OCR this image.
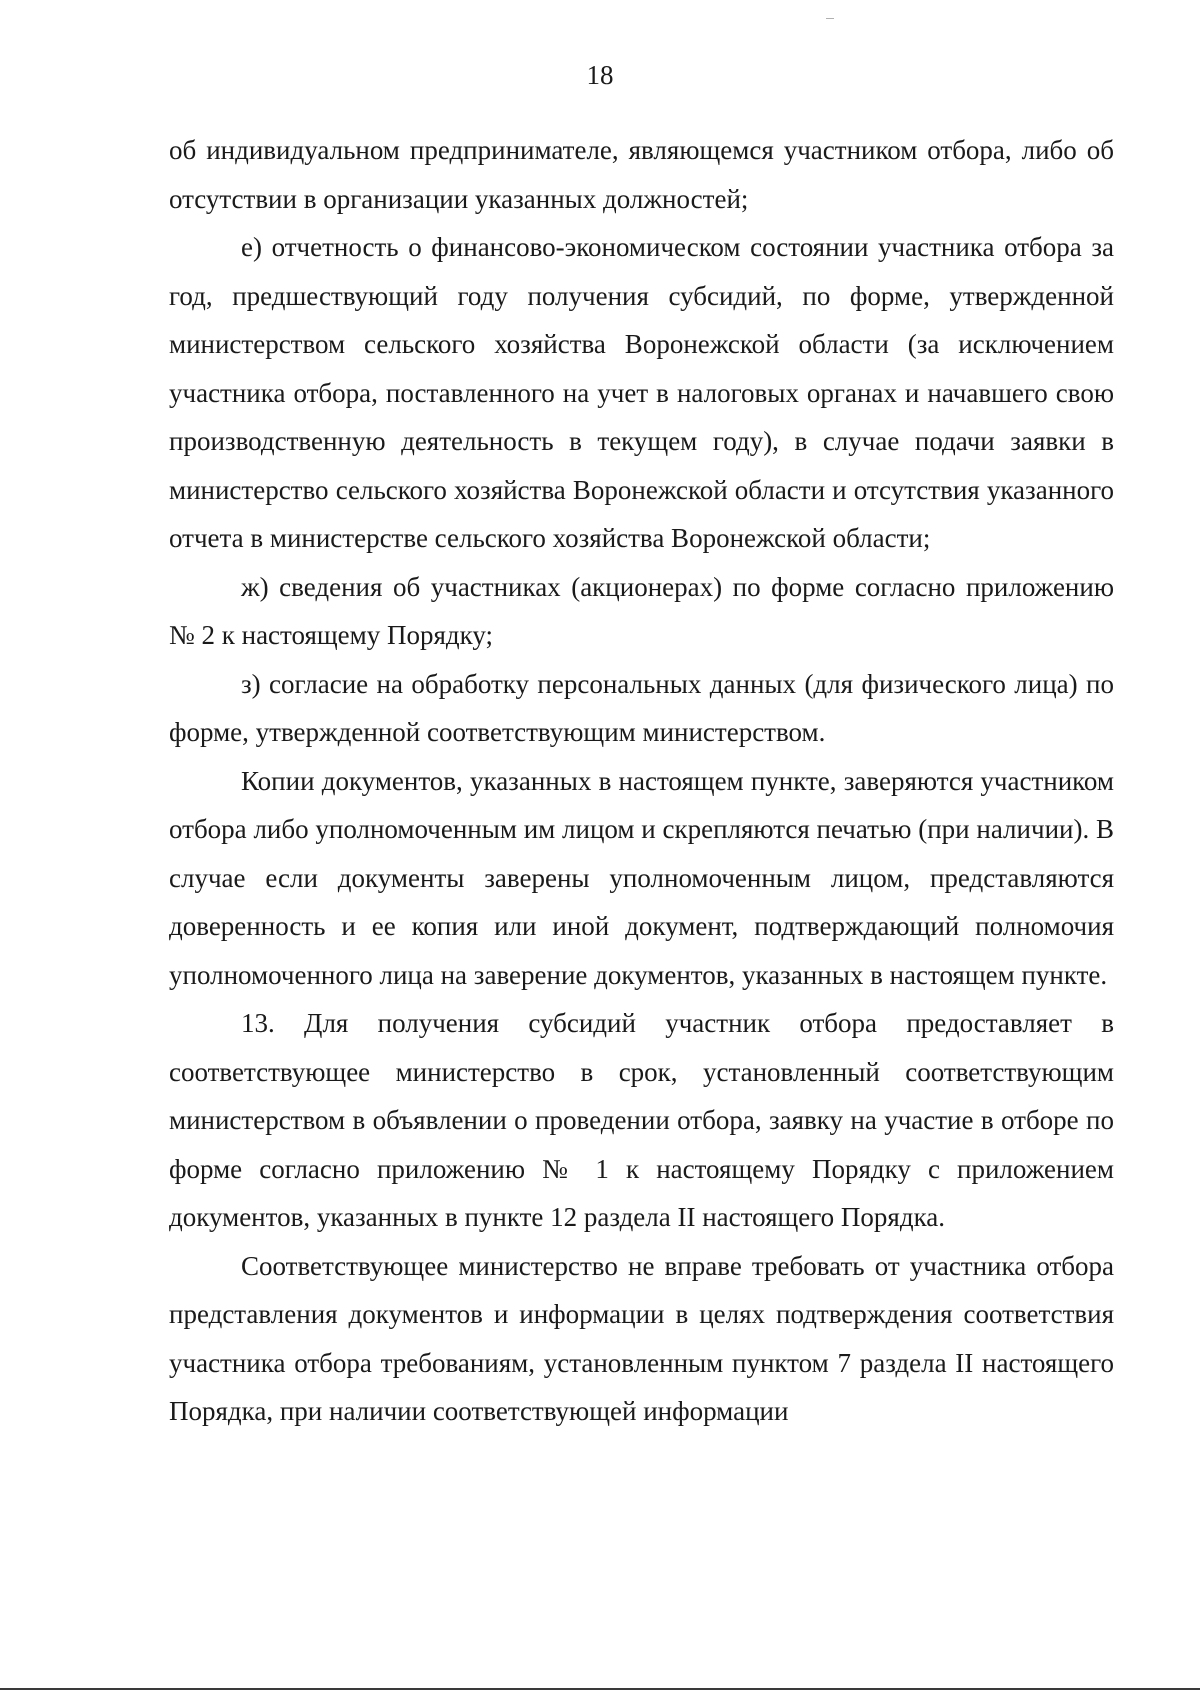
18

об индивидуальном предпринимателе, являющемся участником отбора, либо об отсутствии в организации указанных должностей;

е) отчетность о финансово-экономическом состоянии участника отбора за год, предшествующий году получения субсидий, по форме, утвержденной министерством сельского хозяйства Воронежской области (за исключением участника отбора, поставленного на учет в налоговых органах и начавшего свою производственную деятельность в текущем году), в случае подачи заявки в министерство сельского хозяйства Воронежской области и отсутствия указанного отчета в министерстве сельского хозяйства Воронежской области;

ж) сведения об участниках (акционерах) по форме согласно приложению № 2 к настоящему Порядку;

з) согласие на обработку персональных данных (для физического лица) по форме, утвержденной соответствующим министерством.

Копии документов, указанных в настоящем пункте, заверяются участником отбора либо уполномоченным им лицом и скрепляются печатью (при наличии). В случае если документы заверены уполномоченным лицом, представляются доверенность и ее копия или иной документ, подтверждающий полномочия уполномоченного лица на заверение документов, указанных в настоящем пункте.

13. Для получения субсидий участник отбора предоставляет в соответствующее министерство в срок, установленный соответствующим министерством в объявлении о проведении отбора, заявку на участие в отборе по форме согласно приложению № 1 к настоящему Порядку с приложением документов, указанных в пункте 12 раздела II настоящего Порядка.

Соответствующее министерство не вправе требовать от участника отбора представления документов и информации в целях подтверждения соответствия участника отбора требованиям, установленным пунктом 7 раздела II настоящего Порядка, при наличии соответствующей информации
